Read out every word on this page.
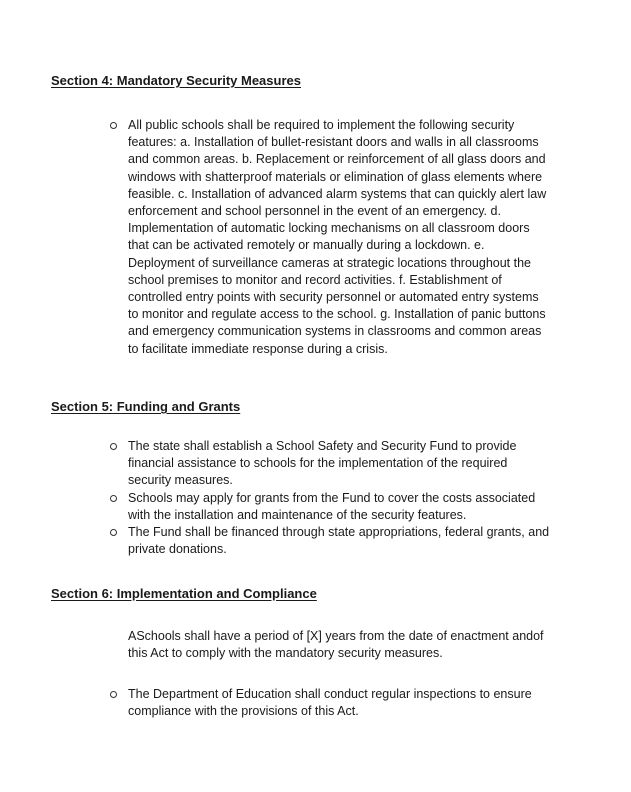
Section 4: Mandatory Security Measures
All public schools shall be required to implement the following security features: a. Installation of bullet-resistant doors and walls in all classrooms and common areas. b. Replacement or reinforcement of all glass doors and windows with shatterproof materials or elimination of glass elements where feasible. c. Installation of advanced alarm systems that can quickly alert law enforcement and school personnel in the event of an emergency. d. Implementation of automatic locking mechanisms on all classroom doors that can be activated remotely or manually during a lockdown. e. Deployment of surveillance cameras at strategic locations throughout the school premises to monitor and record activities. f. Establishment of controlled entry points with security personnel or automated entry systems to monitor and regulate access to the school. g. Installation of panic buttons and emergency communication systems in classrooms and common areas to facilitate immediate response during a crisis.
Section 5: Funding and Grants
The state shall establish a School Safety and Security Fund to provide financial assistance to schools for the implementation of the required security measures.
Schools may apply for grants from the Fund to cover the costs associated with the installation and maintenance of the security features.
The Fund shall be financed through state appropriations, federal grants, and private donations.
Section 6: Implementation and Compliance

ASchools shall have a period of [X] years from the date of enactment andof this Act to comply with the mandatory security measures.

The Department of Education shall conduct regular inspections to ensure compliance with the provisions of this Act.
